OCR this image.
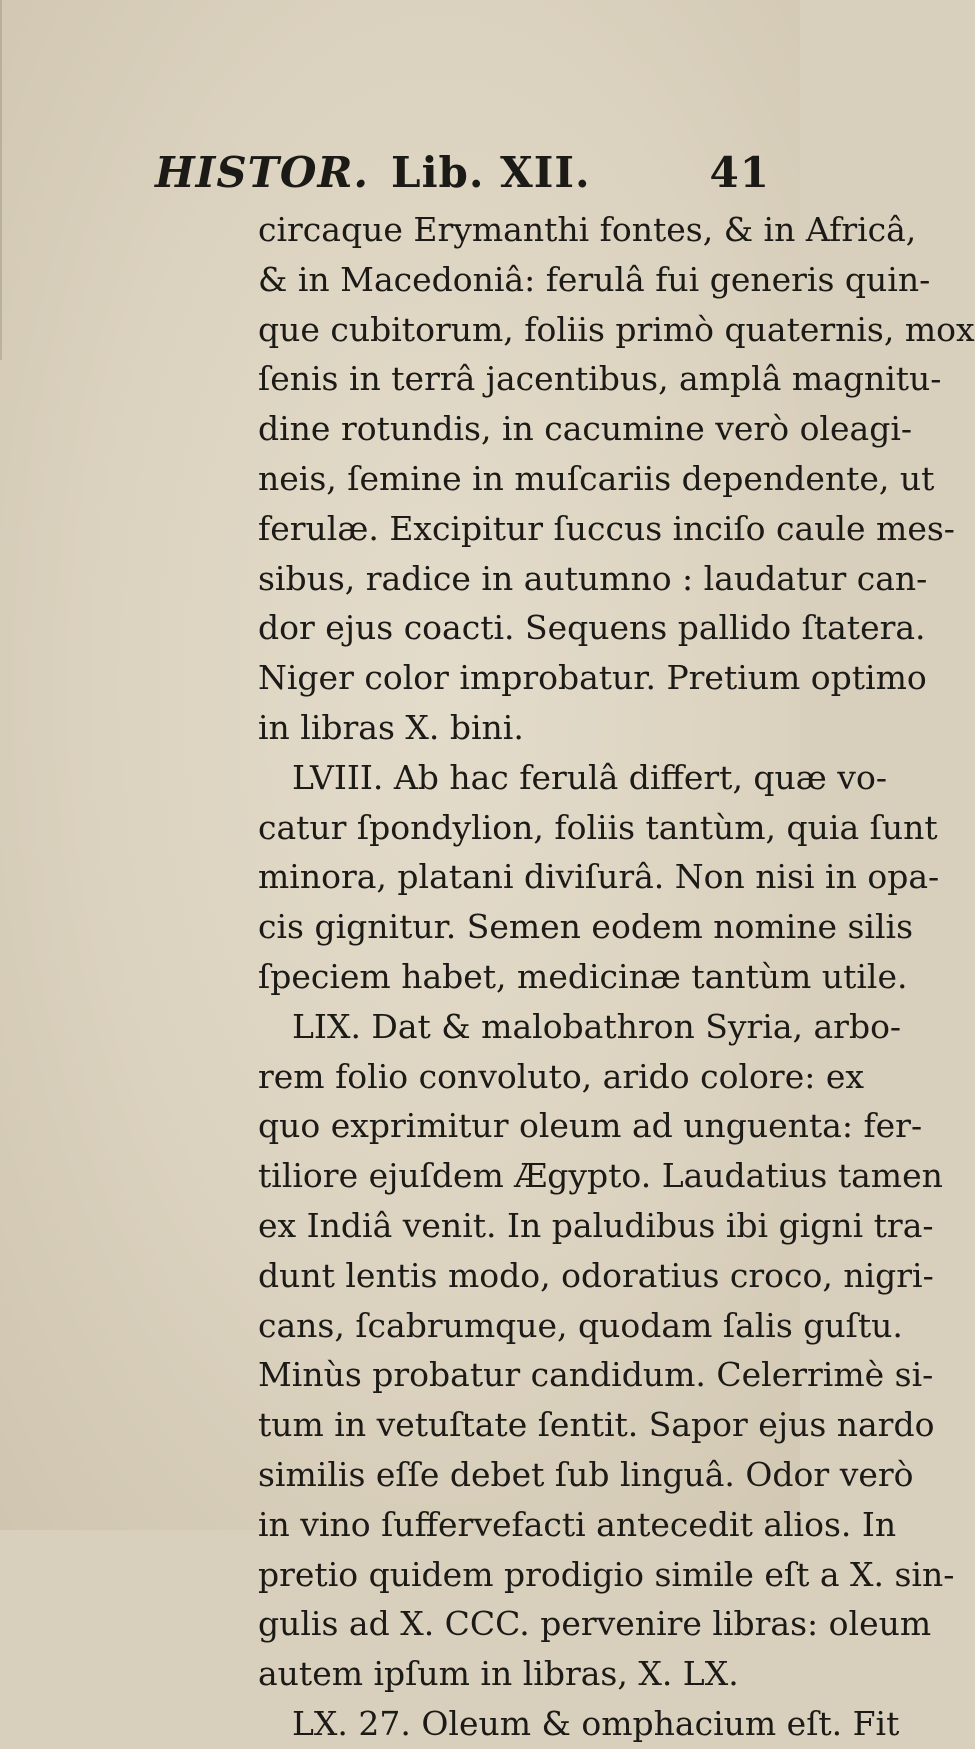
HISTOR. Lib. XII.	41
circaque Erymanthi fontes, & in Africâ,
& in Macedoniâ: ferulâ fui generis quin-
que cubitorum, foliis primò quaternis, mox
ſenis in terrâ jacentibus, amplâ magnitu-
dine rotundis, in cacumine verò oleagi-
neis, ſemine in muſcariis dependente, ut
ferulæ. Excipitur ſuccus inciſo caule mes-
sibus, radice in autumno : laudatur can-
dor ejus coacti. Sequens pallido ſtatera.
Niger color improbatur. Pretium optimo
in libras X. bini.
LVIII. Ab hac ferulâ differt, quæ vo-
catur ſpondylion, foliis tantùm, quia ſunt
minora, platani diviſurâ. Non nisi in opa-
cis gignitur. Semen eodem nomine silis
ſpeciem habet, medicinæ tantùm utile.
LIX. Dat & malobathron Syria, arbo-
rem folio convoluto, arido colore: ex
quo exprimitur oleum ad unguenta: fer-
tiliore ejuſdem Ægypto. Laudatius tamen
ex Indiâ venit. In paludibus ibi gigni tra-
dunt lentis modo, odoratius croco, nigri-
cans, ſcabrumque, quodam ſalis guſtu.
Minùs probatur candidum. Celerrimè si-
tum in vetuſtate ſentit. Sapor ejus nardo
similis eſſe debet ſub linguâ. Odor verò
in vino ſuffervefacti antecedit alios. In
pretio quidem prodigio simile eſt a X. sin-
gulis ad X. CCC. pervenire libras: oleum
autem ipſum in libras, X. LX.
LX. 27. Oleum & omphacium eſt. Fit
